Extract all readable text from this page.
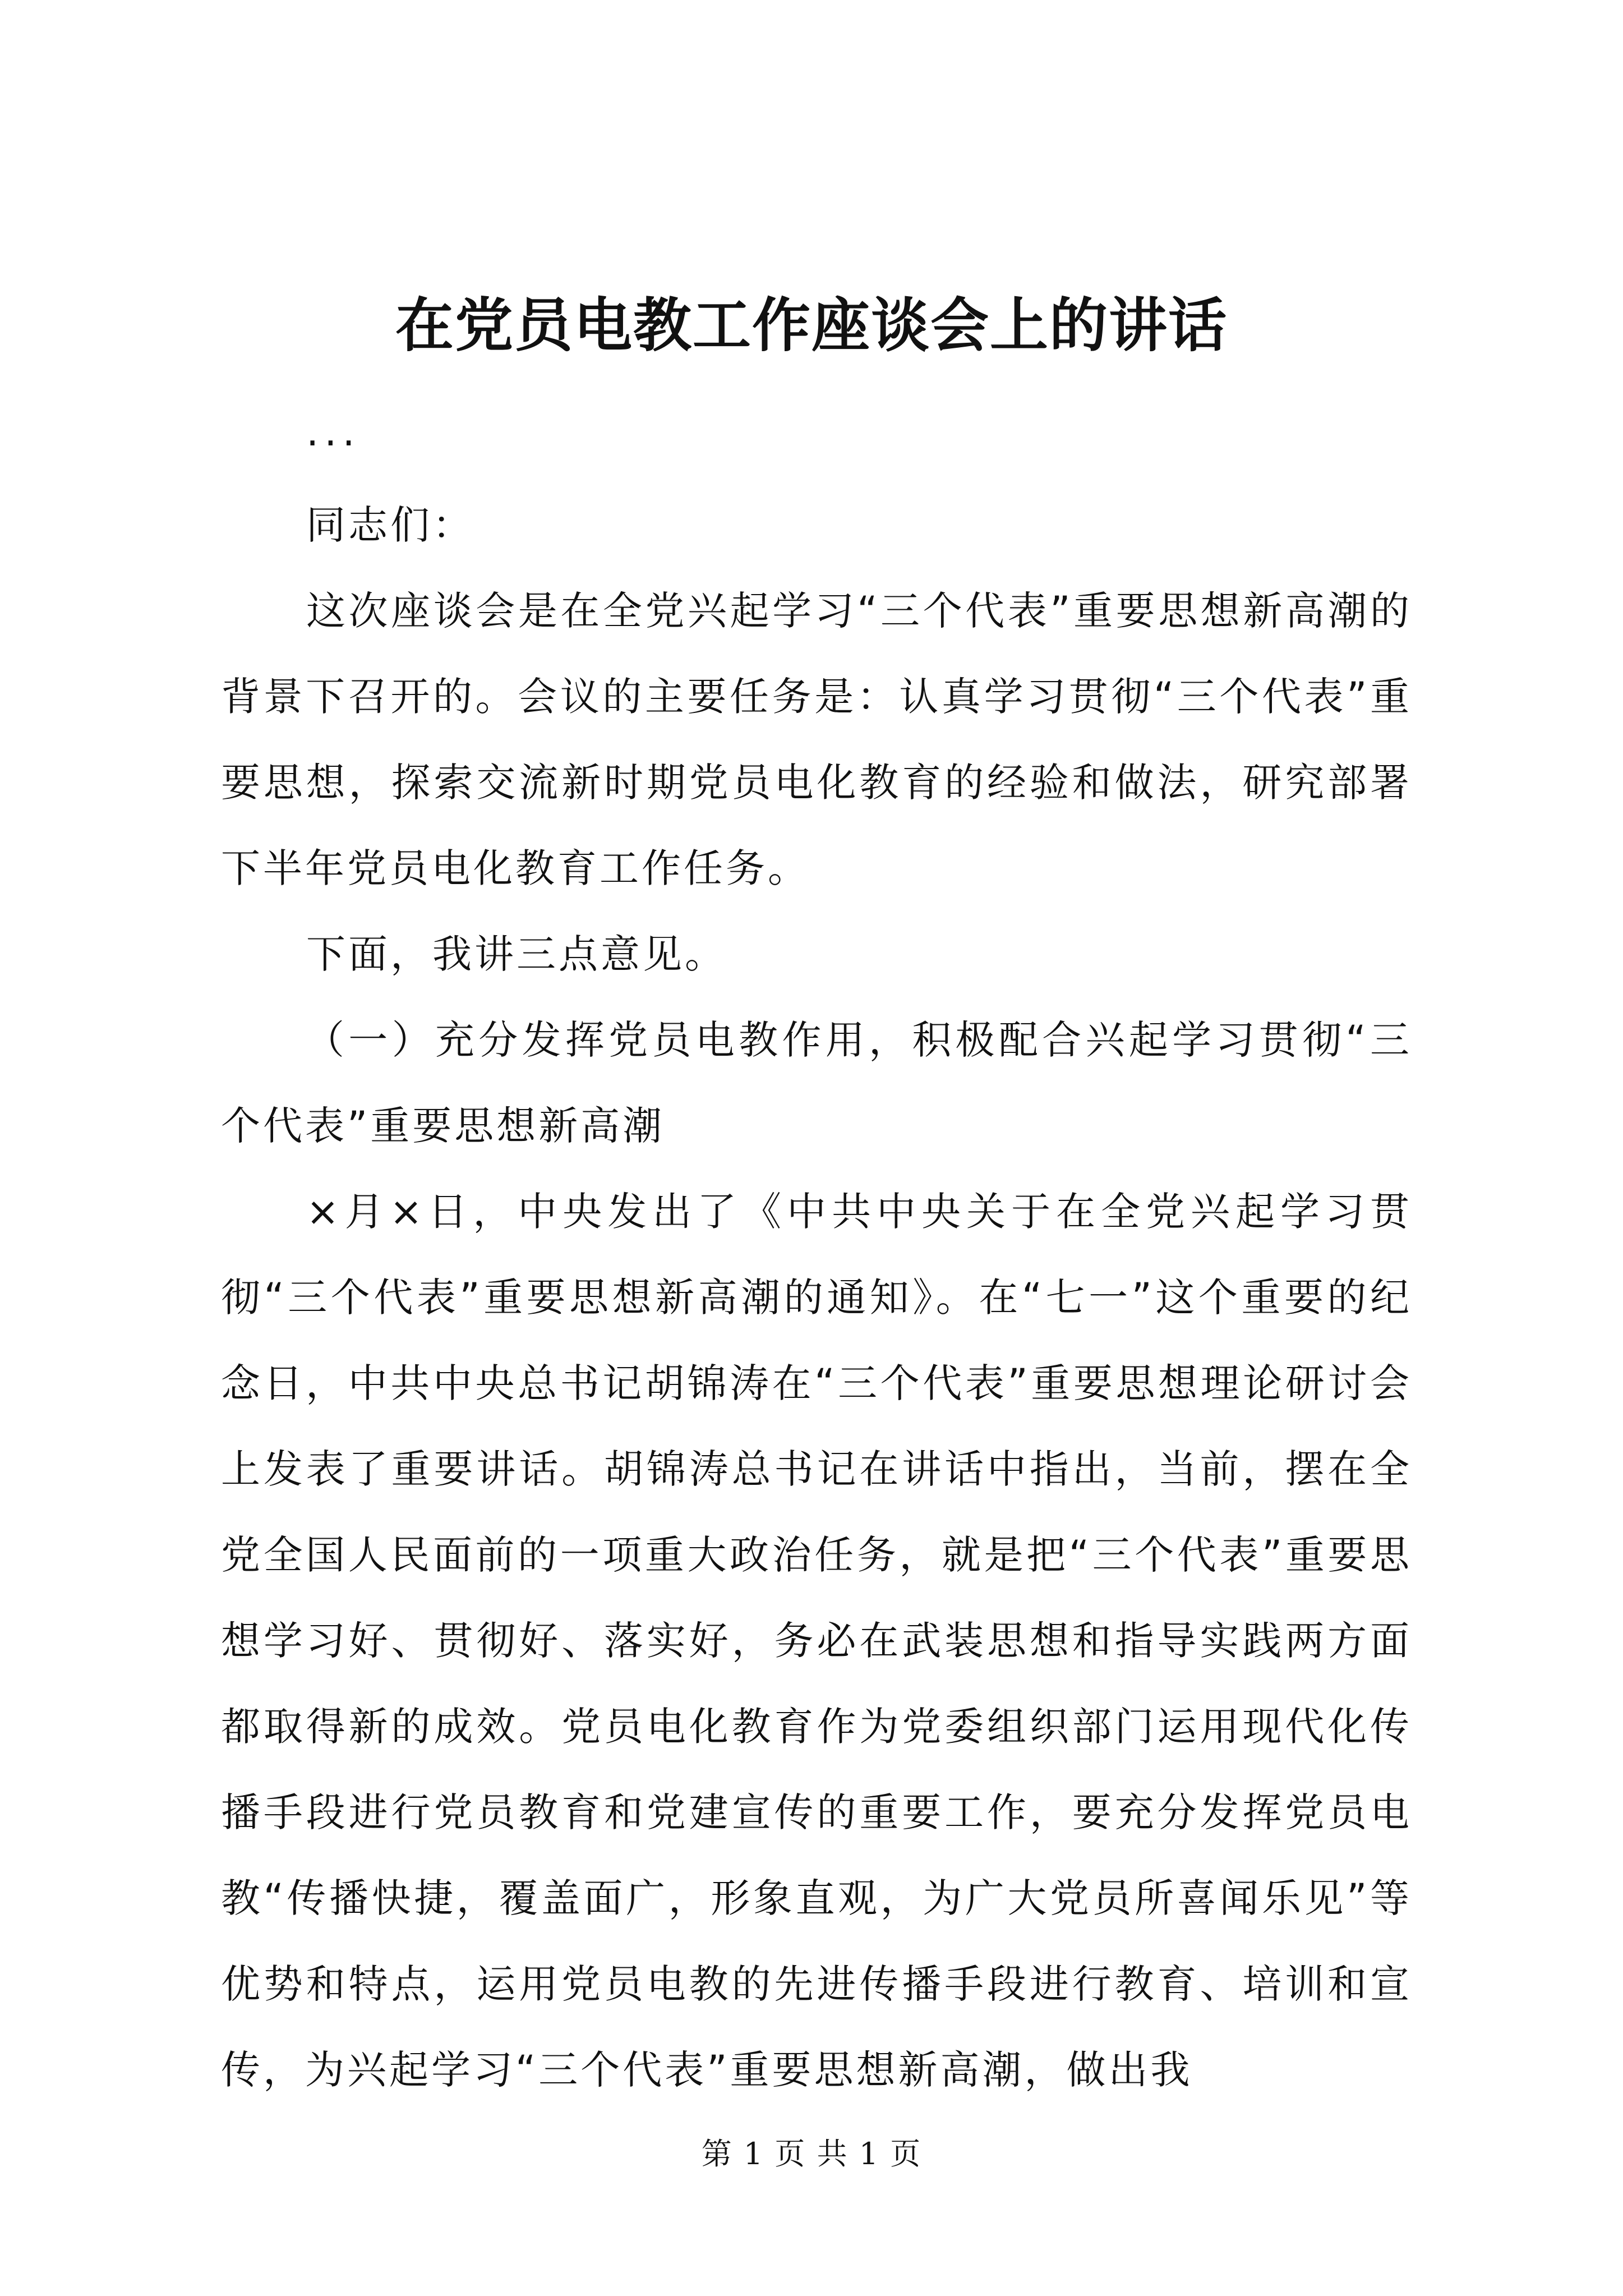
在党员电教工作座谈会上的讲话

...

同志们：

这次座谈会是在全党兴起学习“三个代表”重要思想新高潮的背景下召开的。会议的主要任务是：认真学习贯彻“三个代表”重要思想，探索交流新时期党员电化教育的经验和做法，研究部署下半年党员电化教育工作任务。

下面，我讲三点意见。

（一）充分发挥党员电教作用，积极配合兴起学习贯彻“三个代表”重要思想新高潮

×月×日，中央发出了《中共中央关于在全党兴起学习贯彻“三个代表”重要思想新高潮的通知》。在“七一”这个重要的纪念日，中共中央总书记胡锦涛在“三个代表”重要思想理论研讨会上发表了重要讲话。胡锦涛总书记在讲话中指出，当前，摆在全党全国人民面前的一项重大政治任务，就是把“三个代表”重要思想学习好、贯彻好、落实好，务必在武装思想和指导实践两方面都取得新的成效。党员电化教育作为党委组织部门运用现代化传播手段进行党员教育和党建宣传的重要工作，要充分发挥党员电教“传播快捷，覆盖面广，形象直观，为广大党员所喜闻乐见”等优势和特点，运用党员电教的先进传播手段进行教育、培训和宣传，为兴起学习“三个代表”重要思想新高潮，做出我

第 1 页 共 1 页
